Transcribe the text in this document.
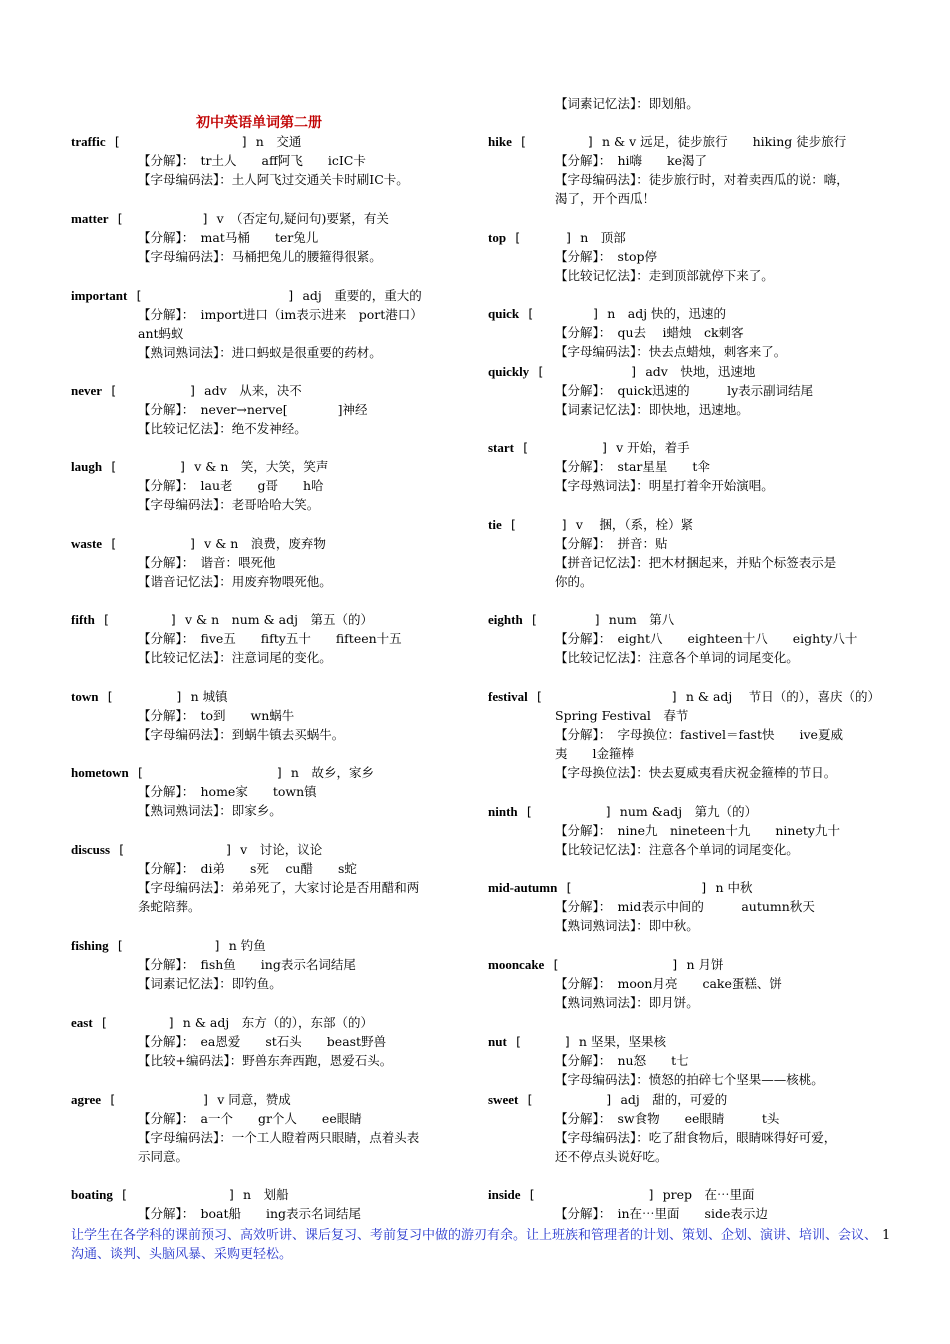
初中英语单词第二册
【词素记忆法】：即划船。
traffic [	] n　交通
【分解】：　tr土人　　aff阿飞　　icIC卡
【字母编码法】：土人阿飞过交通关卡时刷IC卡。
matter [	] v　（否定句,疑问句)要紧，有关
【分解】：　mat马桶　　ter兔儿
【字母编码法】：马桶把兔儿的腰箍得很紧。
important [	] adj　重要的，重大的
【分解】：　import进口（im表示进来　port港口）
ant蚂蚁
【熟词熟词法】：进口蚂蚁是很重要的药材。
never [	] adv　从来，决不
【分解】：　never→nerve[　　　　]神经
【比较记忆法】：绝不发神经。
laugh [	] v & n　笑，大笑，笑声
【分解】：　lau老　　g哥　　h哈
【字母编码法】：老哥哈哈大笑。
waste [	] v & n　浪费，废弃物
【分解】：　谐音：喂死他
【谐音记忆法】：用废弃物喂死他。
fifth [	] v & n　num & adj　第五（的）
【分解】：　five五　　fifty五十　　fifteen十五
【比较记忆法】：注意词尾的变化。
town [	] n 城镇
【分解】：　to到　　wn蜗牛
【字母编码法】：到蜗牛镇去买蜗牛。
hometown [	] n　故乡，家乡
【分解】：　home家　　town镇
【熟词熟词法】：即家乡。
discuss [	] v　讨论，议论
【分解】：　di弟　　s死　 cu醋　　s蛇
【字母编码法】：弟弟死了，大家讨论是否用醋和两
条蛇陪葬。
fishing [	] n 钓鱼
【分解】：　fish鱼　　ing表示名词结尾
【词素记忆法】：即钓鱼。
east [	] n & adj　东方（的），东部（的）
【分解】：　ea恩爱　　st石头　　beast野兽
【比较+编码法】：野兽东奔西跑，恩爱石头。
agree [	] v 同意，赞成
【分解】：　a一个　　gr个人　　ee眼睛
【字母编码法】：一个工人瞪着两只眼睛，点着头表
示同意。
boating [	] n　划船
【分解】：　boat船　　ing表示名词结尾
hike [	] n & v 远足，徒步旅行　　hiking 徒步旅行
【分解】：　hi嗨　　ke渴了
【字母编码法】：徒步旅行时，对着卖西瓜的说：嗨，
渴了，开个西瓜！
top [	] n　顶部
【分解】：　stop停
【比较记忆法】：走到顶部就停下来了。
quick [	] n　adj 快的，迅速的
【分解】：　qu去　 i蜡烛　ck刺客
【字母编码法】：快去点蜡烛，刺客来了。
quickly [	] adv　快地，迅速地
【分解】：　quick迅速的　　　ly表示副词结尾
【词素记忆法】：即快地，迅速地。
start [	] v 开始，着手
【分解】：　star星星　　t伞
【字母熟词法】：明星打着伞开始演唱。
tie [	] v　 捆，（系，栓）紧
【分解】：　拼音：贴
【拼音记忆法】：把木材捆起来，并贴个标签表示是
你的。
eighth [	] num　第八
【分解】：　eight八　　eighteen十八　　eighty八十
【比较记忆法】：注意各个单词的词尾变化。
festival [	] n & adj　 节日（的），喜庆（的）
Spring Festival　春节
【分解】：　字母换位：fastivel＝fast快　　ive夏威
夷　　l金箍棒
【字母换位法】：快去夏威夷看庆祝金箍棒的节日。
ninth [	] num &adj　第九（的）
【分解】：　nine九　nineteen十九　　ninety九十
【比较记忆法】：注意各个单词的词尾变化。
mid-autumn [	] n 中秋
【分解】：　mid表示中间的　　　autumn秋天
【熟词熟词法】：即中秋。
mooncake [	] n 月饼
【分解】：　moon月亮　　cake蛋糕、饼
【熟词熟词法】：即月饼。
nut [	] n 坚果，坚果核
【分解】：　nu怒　　t七
【字母编码法】：愤怒的拍碎七个坚果——核桃。
sweet [	] adj　甜的，可爱的
【分解】：　sw食物　　ee眼睛　　　t头
【字母编码法】：吃了甜食物后，眼睛咪得好可爱，
还不停点头说好吃。
inside [	] prep　在⋯里面
【分解】：　in在⋯里面　　side表示边
让学生在各学科的课前预习、高效听讲、课后复习、考前复习中做的游刃有余。让上班族和管理者的计划、策划、企划、演讲、培训、会议、沟通、谈判、头脑风暴、采购更轻松。
1
